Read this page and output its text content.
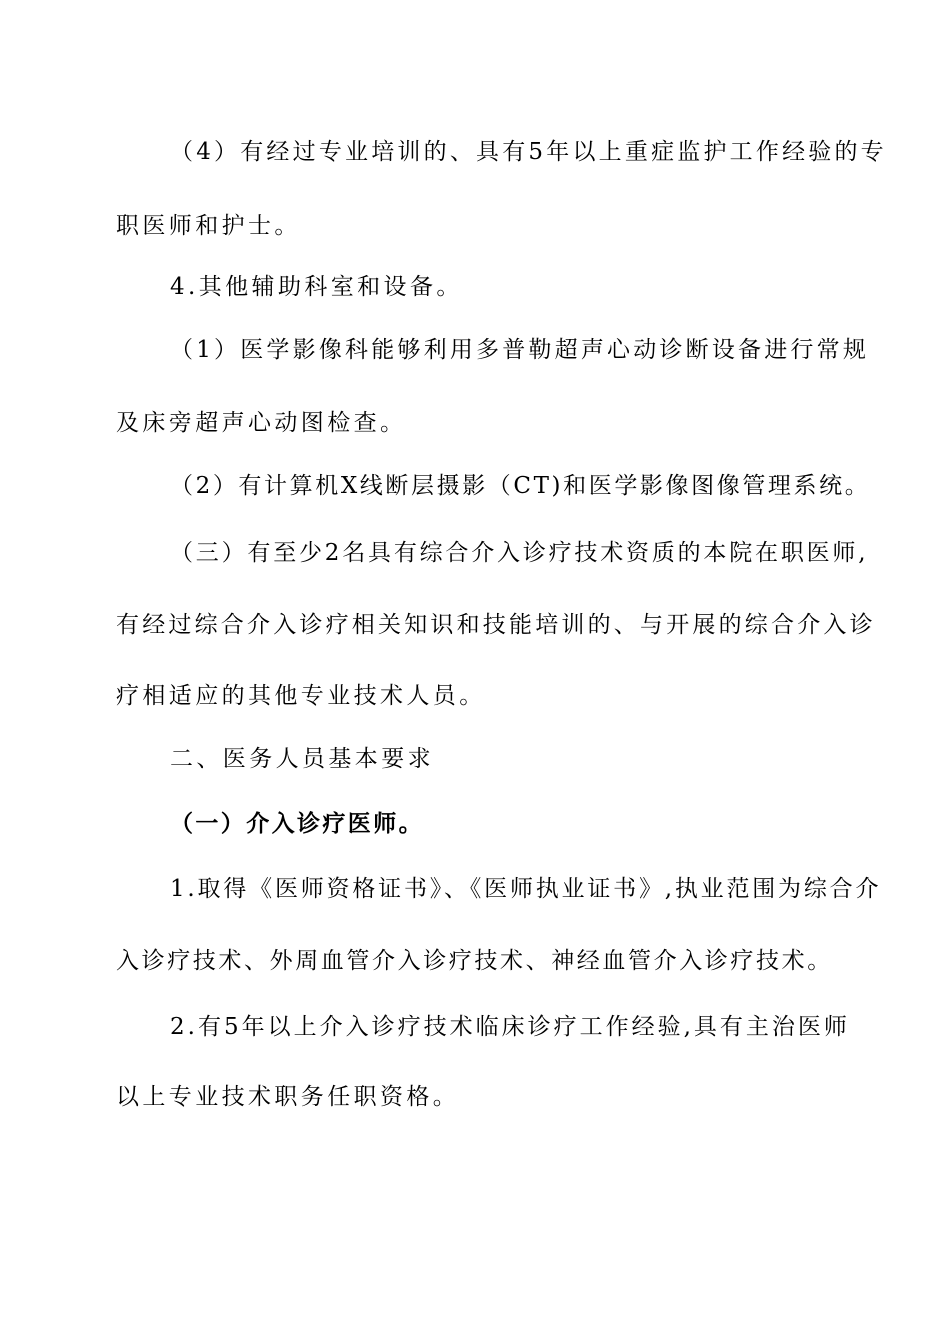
（4）有经过专业培训的、具有5年以上重症监护工作经验的专
职医师和护士。
4.其他辅助科室和设备。
（1）医学影像科能够利用多普勒超声心动诊断设备进行常规
及床旁超声心动图检查。
（2）有计算机X线断层摄影（CT)和医学影像图像管理系统。
（三）有至少2名具有综合介入诊疗技术资质的本院在职医师,
有经过综合介入诊疗相关知识和技能培训的、与开展的综合介入诊
疗相适应的其他专业技术人员。
二、医务人员基本要求
（一）介入诊疗医师。
1.取得《医师资格证书》、《医师执业证书》,执业范围为综合介
入诊疗技术、外周血管介入诊疗技术、神经血管介入诊疗技术。
2.有5年以上介入诊疗技术临床诊疗工作经验,具有主治医师
以上专业技术职务任职资格。
